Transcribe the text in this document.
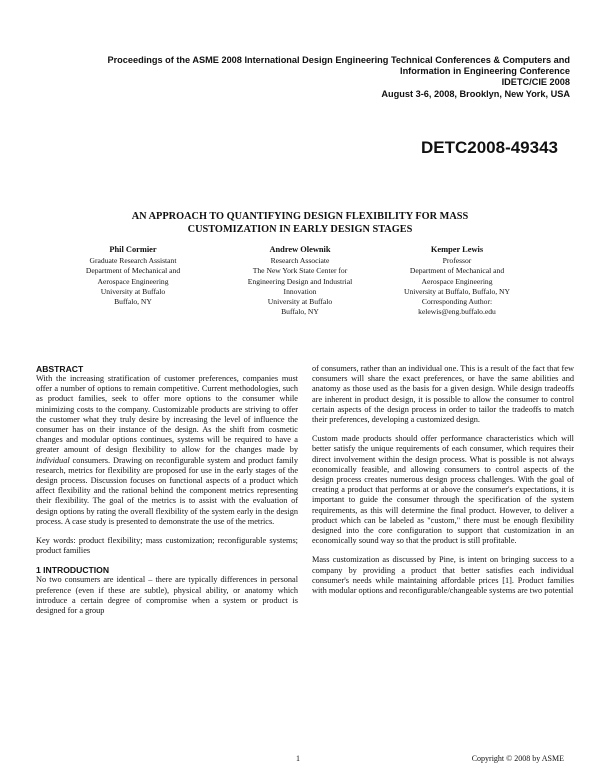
Proceedings of the ASME 2008 International Design Engineering Technical Conferences & Computers and
Information in Engineering Conference
IDETC/CIE 2008
August 3-6, 2008, Brooklyn, New York, USA
DETC2008-49343
AN APPROACH TO QUANTIFYING DESIGN FLEXIBILITY FOR MASS
CUSTOMIZATION IN EARLY DESIGN STAGES
Phil Cormier
Graduate Research Assistant
Department of Mechanical and
Aerospace Engineering
University at Buffalo
Buffalo, NY
Andrew Olewnik
Research Associate
The New York State Center for
Engineering Design and Industrial
Innovation
University at Buffalo
Buffalo, NY
Kemper Lewis
Professor
Department of Mechanical and
Aerospace Engineering
University at Buffalo, Buffalo, NY
Corresponding Author:
kelewis@eng.buffalo.edu
ABSTRACT

With the increasing stratification of customer preferences, companies must offer a number of options to remain competitive. Current methodologies, such as product families, seek to offer more options to the consumer while minimizing costs to the company. Customizable products are striving to offer the customer what they truly desire by increasing the level of influence the consumer has on their instance of the design. As the shift from cosmetic changes and modular options continues, systems will be required to have a greater amount of design flexibility to allow for the changes made by individual consumers. Drawing on reconfigurable system and product family research, metrics for flexibility are proposed for use in the early stages of the design process. Discussion focuses on functional aspects of a product which affect flexibility and the rational behind the component metrics representing their flexibility. The goal of the metrics is to assist with the evaluation of design options by rating the overall flexibility of the system early in the design process. A case study is presented to demonstrate the use of the metrics.

Key words: product flexibility; mass customization; reconfigurable systems; product families

1 INTRODUCTION

No two consumers are identical – there are typically differences in personal preference (even if these are subtle), physical ability, or anatomy which introduce a certain degree of compromise when a system or product is designed for a group

of consumers, rather than an individual one. This is a result of the fact that few consumers will share the exact preferences, or have the same abilities and anatomy as those used as the basis for a given design. While design tradeoffs are inherent in product design, it is possible to allow the consumer to control certain aspects of the design process in order to tailor the tradeoffs to match their preferences, developing a customized design.

Custom made products should offer performance characteristics which will better satisfy the unique requirements of each consumer, which requires their direct involvement within the design process. What is possible is not always economically feasible, and allowing consumers to control aspects of the design process creates numerous design process challenges. With the goal of creating a product that performs at or above the consumer's expectations, it is important to guide the consumer through the specification of the system requirements, as this will determine the final product. However, to deliver a product which can be labeled as "custom," there must be enough flexibility designed into the core configuration to support that customization in an economically sound way so that the product is still profitable.

Mass customization as discussed by Pine, is intent on bringing success to a company by providing a product that better satisfies each individual consumer's needs while maintaining affordable prices [1]. Product families with modular options and reconfigurable/changeable systems are two potential

1	Copyright © 2008 by ASME
